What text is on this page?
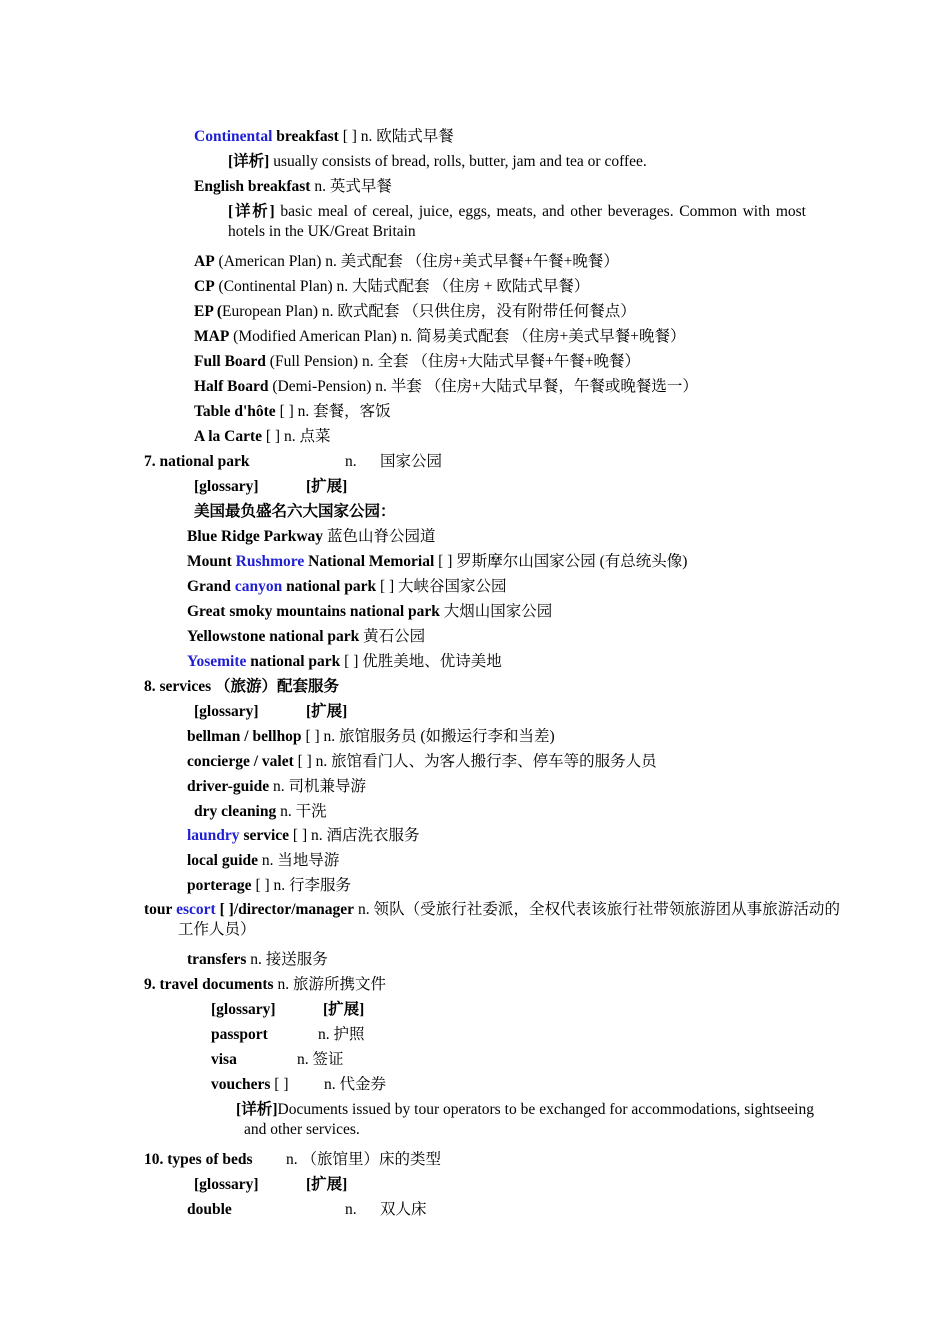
Continental breakfast [ ] n. 欧陆式早餐
[详析] usually consists of bread, rolls, butter, jam and tea or coffee.
English breakfast n. 英式早餐
[详析] basic meal of cereal, juice, eggs, meats, and other beverages. Common with most hotels in the UK/Great Britain
AP (American Plan) n. 美式配套 （住房+美式早餐+午餐+晚餐）
CP (Continental Plan) n. 大陆式配套 （住房 + 欧陆式早餐）
EP (European Plan) n. 欧式配套 （只供住房，没有附带任何餐点）
MAP (Modified American Plan) n. 简易美式配套 （住房+美式早餐+晚餐）
Full Board (Full Pension) n. 全套 （住房+大陆式早餐+午餐+晚餐）
Half Board (Demi-Pension) n. 半套 （住房+大陆式早餐，午餐或晚餐选一）
Table d'hôte [ ] n. 套餐，客饭
A la Carte [ ] n. 点菜
7. national park	n. 国家公园
[glossary]	[扩展]
美国最负盛名六大国家公园：
Blue Ridge Parkway 蓝色山脊公园道
Mount Rushmore National Memorial [ ] 罗斯摩尔山国家公园 (有总统头像)
Grand canyon national park [ ] 大峡谷国家公园
Great smoky mountains national park 大烟山国家公园
Yellowstone national park 黄石公园
Yosemite national park [ ] 优胜美地、优诗美地
8. services （旅游）配套服务
[glossary]	[扩展]
bellman / bellhop [ ] n. 旅馆服务员 (如搬运行李和当差)
concierge / valet [ ] n. 旅馆看门人、为客人搬行李、停车等的服务人员
driver-guide n. 司机兼导游
dry cleaning n. 干洗
laundry service [ ] n. 酒店洗衣服务
local guide n. 当地导游
porterage [ ] n. 行李服务
tour escort [ ]/director/manager n. 领队（受旅行社委派，全权代表该旅行社带领旅游团从事旅游活动的工作人员）
transfers n. 接送服务
9. travel documents n. 旅游所携文件
[glossary]	[扩展]
passport	n. 护照
visa	n. 签证
vouchers [ ] n. 代金券
[详析]Documents issued by tour operators to be exchanged for accommodations, sightseeing and other services.
10. types of beds n. （旅馆里）床的类型
[glossary]	[扩展]
double	n. 双人床
